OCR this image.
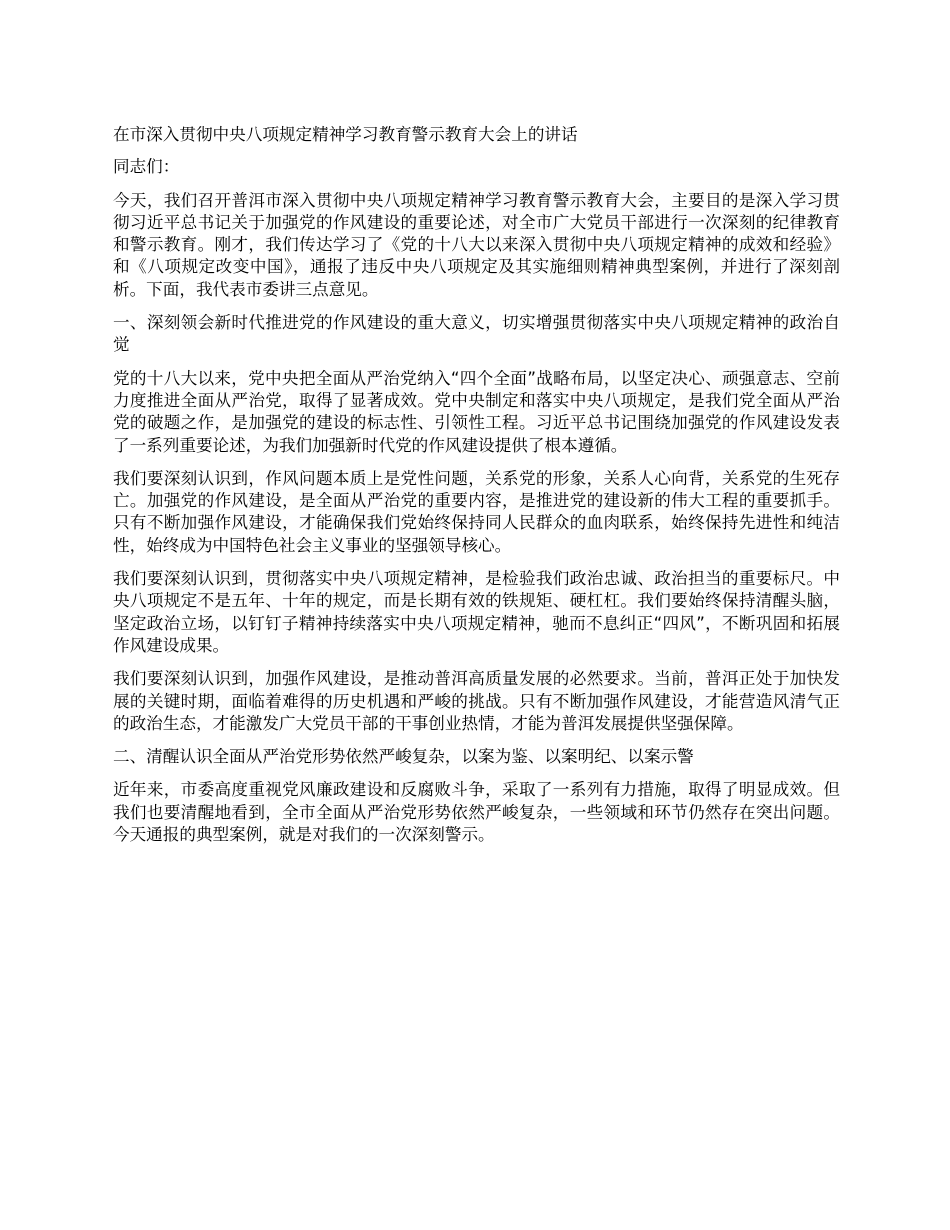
在市深入贯彻中央八项规定精神学习教育警示教育大会上的讲话

同志们：

今天，我们召开普洱市深入贯彻中央八项规定精神学习教育警示教育大会，主要目的是深入学习贯彻习近平总书记关于加强党的作风建设的重要论述，对全市广大党员干部进行一次深刻的纪律教育和警示教育。刚才，我们传达学习了《党的十八大以来深入贯彻中央八项规定精神的成效和经验》和《八项规定改变中国》，通报了违反中央八项规定及其实施细则精神典型案例，并进行了深刻剖析。下面，我代表市委讲三点意见。

一、深刻领会新时代推进党的作风建设的重大意义，切实增强贯彻落实中央八项规定精神的政治自觉

党的十八大以来，党中央把全面从严治党纳入“四个全面”战略布局，以坚定决心、顽强意志、空前力度推进全面从严治党，取得了显著成效。党中央制定和落实中央八项规定，是我们党全面从严治党的破题之作，是加强党的建设的标志性、引领性工程。习近平总书记围绕加强党的作风建设发表了一系列重要论述，为我们加强新时代党的作风建设提供了根本遵循。

我们要深刻认识到，作风问题本质上是党性问题，关系党的形象，关系人心向背，关系党的生死存亡。加强党的作风建设，是全面从严治党的重要内容，是推进党的建设新的伟大工程的重要抓手。只有不断加强作风建设，才能确保我们党始终保持同人民群众的血肉联系，始终保持先进性和纯洁性，始终成为中国特色社会主义事业的坚强领导核心。

我们要深刻认识到，贯彻落实中央八项规定精神，是检验我们政治忠诚、政治担当的重要标尺。中央八项规定不是五年、十年的规定，而是长期有效的铁规矩、硬杠杠。我们要始终保持清醒头脑，坚定政治立场，以钉钉子精神持续落实中央八项规定精神，驰而不息纠正“四风”，不断巩固和拓展作风建设成果。

我们要深刻认识到，加强作风建设，是推动普洱高质量发展的必然要求。当前，普洱正处于加快发展的关键时期，面临着难得的历史机遇和严峻的挑战。只有不断加强作风建设，才能营造风清气正的政治生态，才能激发广大党员干部的干事创业热情，才能为普洱发展提供坚强保障。

二、清醒认识全面从严治党形势依然严峻复杂，以案为鉴、以案明纪、以案示警

近年来，市委高度重视党风廉政建设和反腐败斗争，采取了一系列有力措施，取得了明显成效。但我们也要清醒地看到，全市全面从严治党形势依然严峻复杂，一些领域和环节仍然存在突出问题。今天通报的典型案例，就是对我们的一次深刻警示。
